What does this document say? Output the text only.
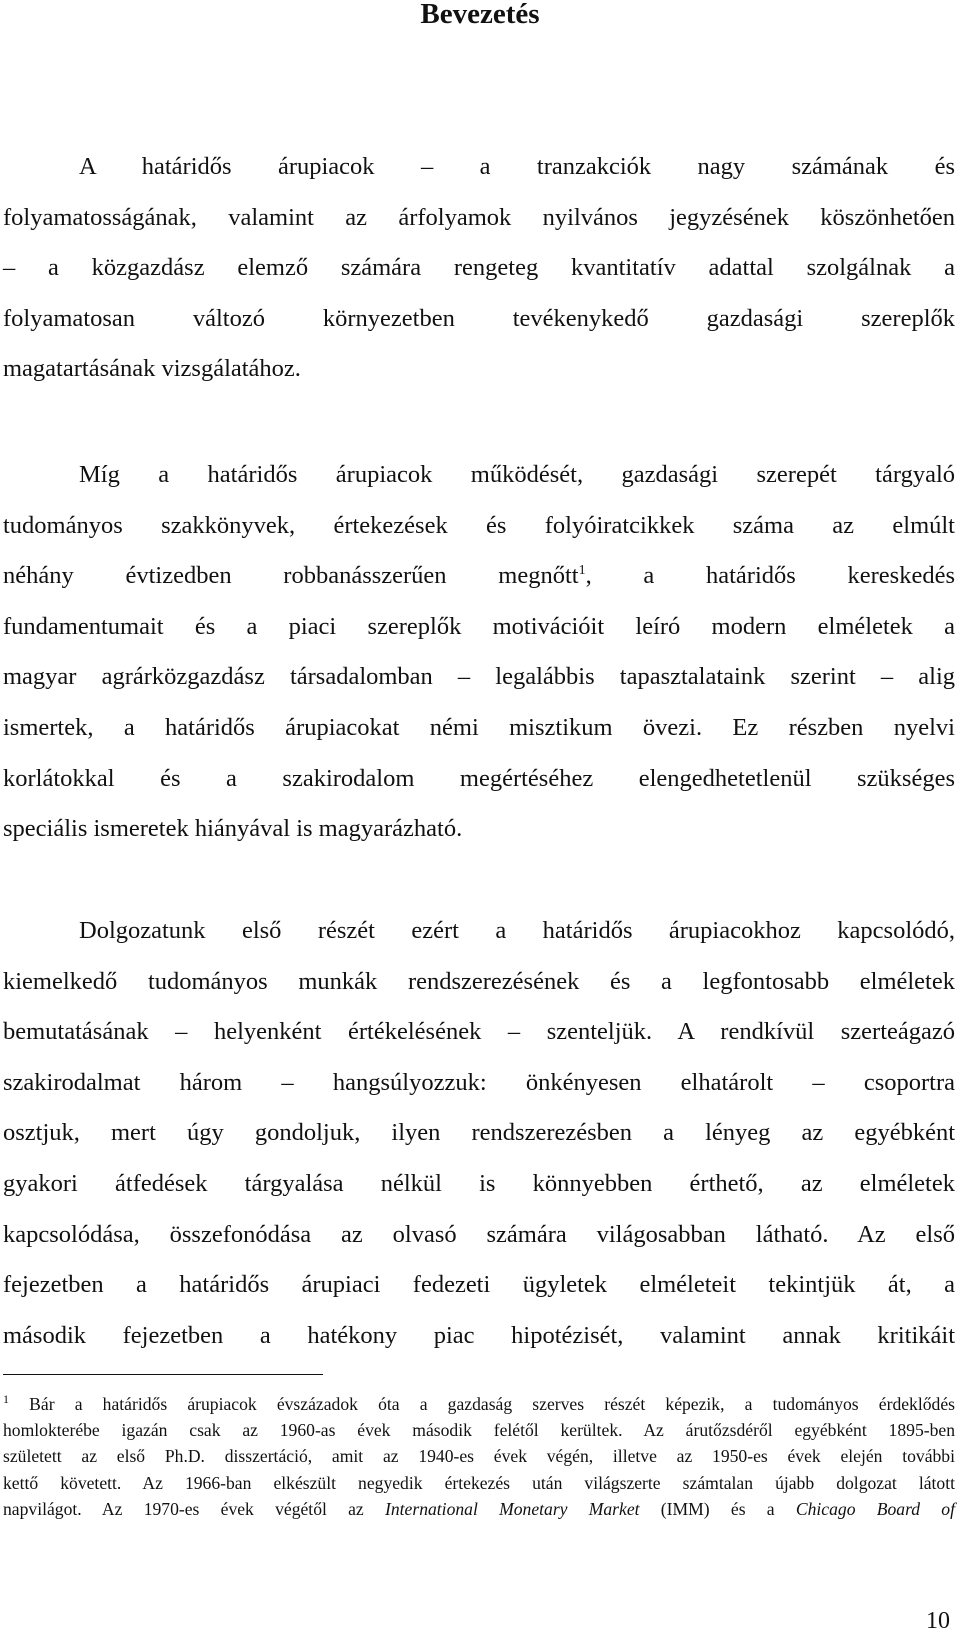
Bevezetés
A határidős árupiacok – a tranzakciók nagy számának és
folyamatosságának, valamint az árfolyamok nyilvános jegyzésének köszönhetően
– a közgazdász elemző számára rengeteg kvantitatív adattal szolgálnak a
folyamatosan változó környezetben tevékenykedő gazdasági szereplők
magatartásának vizsgálatához.
Míg a határidős árupiacok működését, gazdasági szerepét tárgyaló
tudományos szakkönyvek, értekezések és folyóiratcikkek száma az elmúlt
néhány évtizedben robbanásszerűen megnőtt$^1$, a határidős kereskedés
fundamentumait és a piaci szereplők motivációit leíró modern elméletek a
magyar agrárközgazdász társadalomban – legalábbis tapasztalataink szerint – alig
ismertek, a határidős árupiacokat némi misztikum övezi. Ez részben nyelvi
korlátokkal és a szakirodalom megértéséhez elengedhetetlenül szükséges
speciális ismeretek hiányával is magyarázható.
Dolgozatunk első részét ezért a határidős árupiacokhoz kapcsolódó,
kiemelkedő tudományos munkák rendszerezésének és a legfontosabb elméletek
bemutatásának – helyenként értékelésének – szenteljük. A rendkívül szerteágazó
szakirodalmat három – hangsúlyozzuk: önkényesen elhatárolt – csoportra
osztjuk, mert úgy gondoljuk, ilyen rendszerezésben a lényeg az egyébként
gyakori átfedések tárgyalása nélkül is könnyebben érthető, az elméletek
kapcsolódása, összefonódása az olvasó számára világosabban látható. Az első
fejezetben a határidős árupiaci fedezeti ügyletek elméleteit tekintjük át, a
második fejezetben a hatékony piac hipotézisét, valamint annak kritikáit
$^1$ Bár a határidős árupiacok évszázadok óta a gazdaság szerves részét képezik, a tudományos érdeklődés
homlokterébe igazán csak az 1960-as évek második felétől kerültek. Az árutőzsdéről egyébként 1895-ben
született az első Ph.D. disszertáció, amit az 1940-es évek végén, illetve az 1950-es évek elején további
kettő követett. Az 1966-ban elkészült negyedik értekezés után világszerte számtalan újabb dolgozat látott
napvilágot. Az 1970-es évek végétől az International Monetary Market (IMM) és a Chicago Board of
10
